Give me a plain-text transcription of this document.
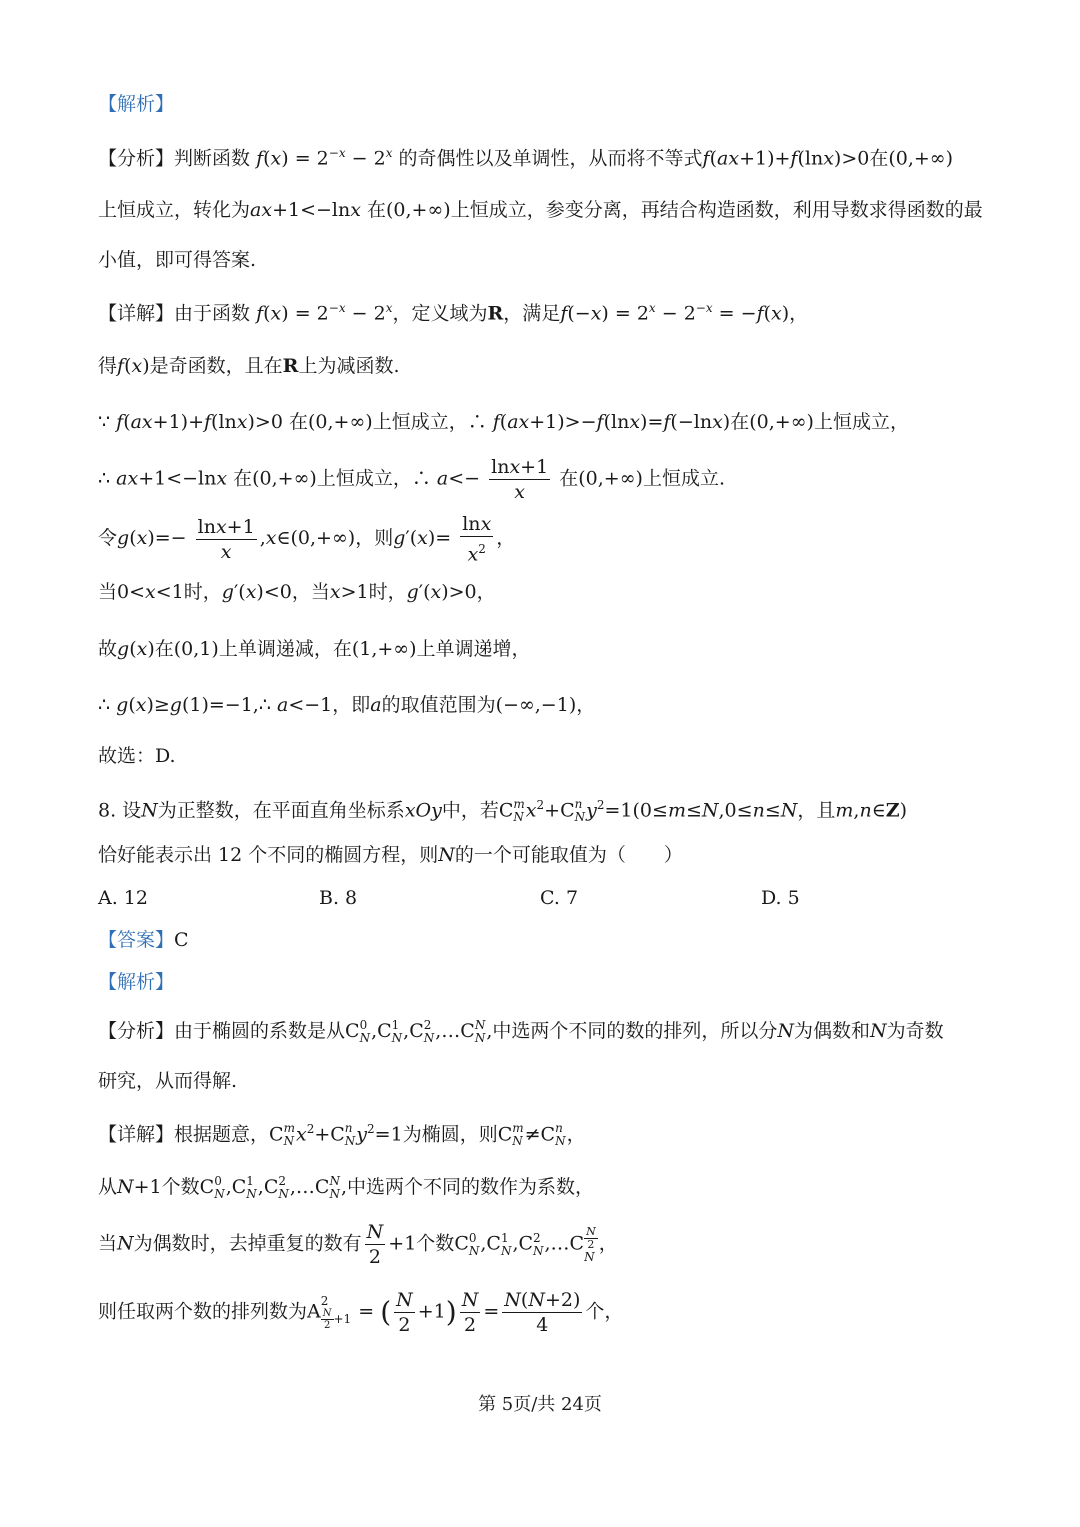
【解析】
【分析】判断函数 $f(x) = 2^{-x} - 2^x$ 的奇偶性以及单调性，从而将不等式f(ax+1)+f(lnx)>0在(0,+∞)
上恒成立，转化为ax+1<−lnx 在(0,+∞)上恒成立，参变分离，再结合构造函数，利用导数求得函数的最
小值，即可得答案.
【详解】由于函数 $f(x) = 2^{-x} - 2^x$，定义域为R，满足$f(-x) = 2^x - 2^{-x} = -f(x)$，
得f(x)是奇函数，且在R上为减函数.
∵ f(ax+1)+f(lnx)>0 在(0,+∞)上恒成立，∴ f(ax+1)>−f(lnx)=f(−lnx)在(0,+∞)上恒成立，
∴ ax+1<−lnx 在(0,+∞)上恒成立，∴ $a<- \frac{\ln x+1}{x}$ 在(0,+∞)上恒成立.
令$g(x)=- \frac{\ln x+1}{x}$ ,x∈(0,+∞)，则$g'(x)= \frac{\ln x}{x^2}$ ，
当0<x<1时，g′(x)<0，当x>1时，g′(x)>0，
故g(x)在(0,1)上单调递减，在(1,+∞)上单调递增，
∴ g(x)≥g(1)=−1,∴ a<−1，即a的取值范围为(−∞,−1)，
故选：D.
8. 设N为正整数，在平面直角坐标系xOy中，若C m
N $x^2+C$ n
N $y^2=1(0\le m\le N,0\le n\le N$，且m,n∈Z)
恰好能表示出 12 个不同的椭圆方程，则N的一个可能取值为（　　）
A. 12	B. 8	C. 7	D. 5
【答案】C
【解析】
【分析】由于椭圆的系数是从C 0
N ,C 1
N ,C 2
N ,…C N
N ,中选两个不同的数的排列，所以分N为偶数和N为奇数
研究，从而得解.
【详解】根据题意，C m
N $x^2+C$ n
N $y^2=1$为椭圆，则C m
N ≠C n
N ，
从N+1个数C 0
N ,C 1
N ,C 2
N ,…C N
N ,中选两个不同的数作为系数，
当N为偶数时，去掉重复的数有 $\frac{N}{2} +1$个数C 0
N ,C 1
N ,C 2
N ,…C
N
2
N
，
则任取两个数的排列数为A 2
$\frac{N}{2} +1$ = ( $\frac{N}{2} +1) \frac{N}{2} = \frac{N(N+2)}{4}$ 个，
第 5页/共 24页
